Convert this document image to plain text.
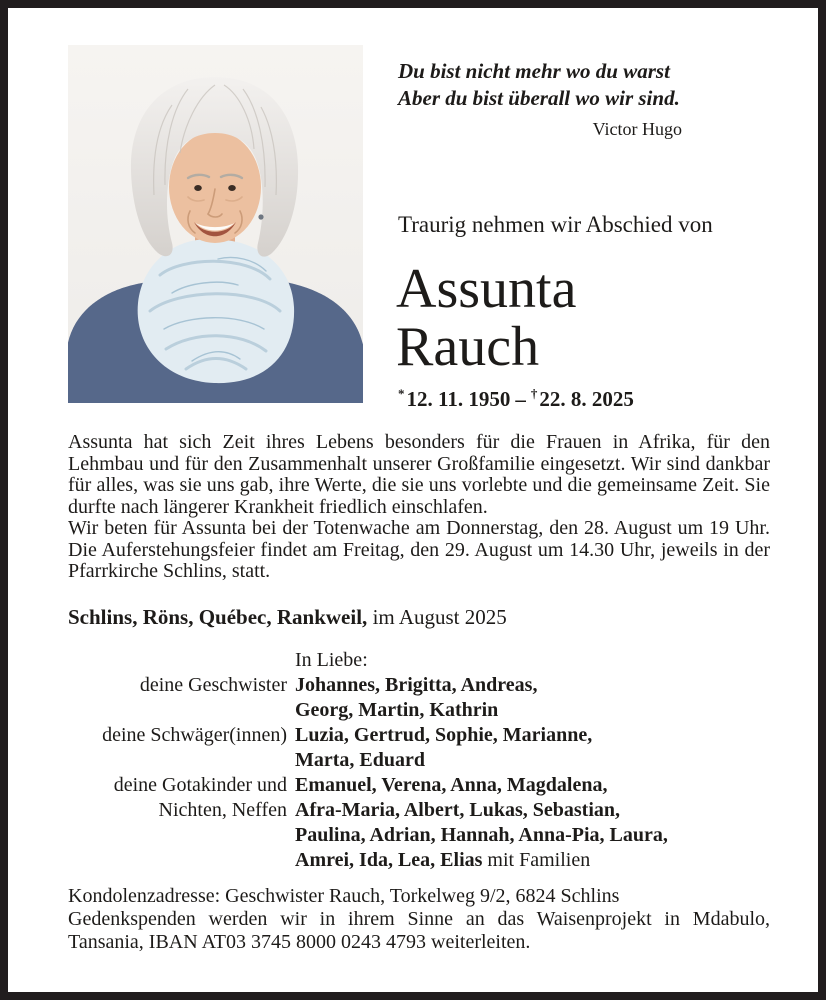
Du bist nicht mehr wo du warst
Aber du bist überall wo wir sind.
Victor Hugo
Traurig nehmen wir Abschied von
Assunta
Rauch
*12. 11. 1950 – †22. 8. 2025

Assunta hat sich Zeit ihres Lebens besonders für die Frauen in Afrika, für den Lehmbau und für den Zusammenhalt unserer Großfamilie eingesetzt. Wir sind dankbar für alles, was sie uns gab, ihre Werte, die sie uns vorlebte und die gemeinsame Zeit. Sie durfte nach längerer Krankheit friedlich einschlafen.

Wir beten für Assunta bei der Totenwache am Donnerstag, den 28. August um 19 Uhr. Die Auferstehungsfeier findet am Freitag, den 29. August um 14.30 Uhr, jeweils in der Pfarrkirche Schlins, statt.

Schlins, Röns, Québec, Rankweil, im August 2025
In Liebe:
deine Geschwister Johannes, Brigitta, Andreas,
Georg, Martin, Kathrin
deine Schwäger(innen) Luzia, Gertrud, Sophie, Marianne,
Marta, Eduard
deine Gotakinder und
Nichten, Neffen
Emanuel, Verena, Anna, Magdalena,
Afra-Maria, Albert, Lukas, Sebastian,
Paulina, Adrian, Hannah, Anna-Pia, Laura,
Amrei, Ida, Lea, Elias mit Familien
Kondolenzadresse: Geschwister Rauch, Torkelweg 9/2, 6824 Schlins

Gedenkspenden werden wir in ihrem Sinne an das Waisenprojekt in Mdabulo, Tansania, IBAN AT03 3745 8000 0243 4793 weiterleiten.
